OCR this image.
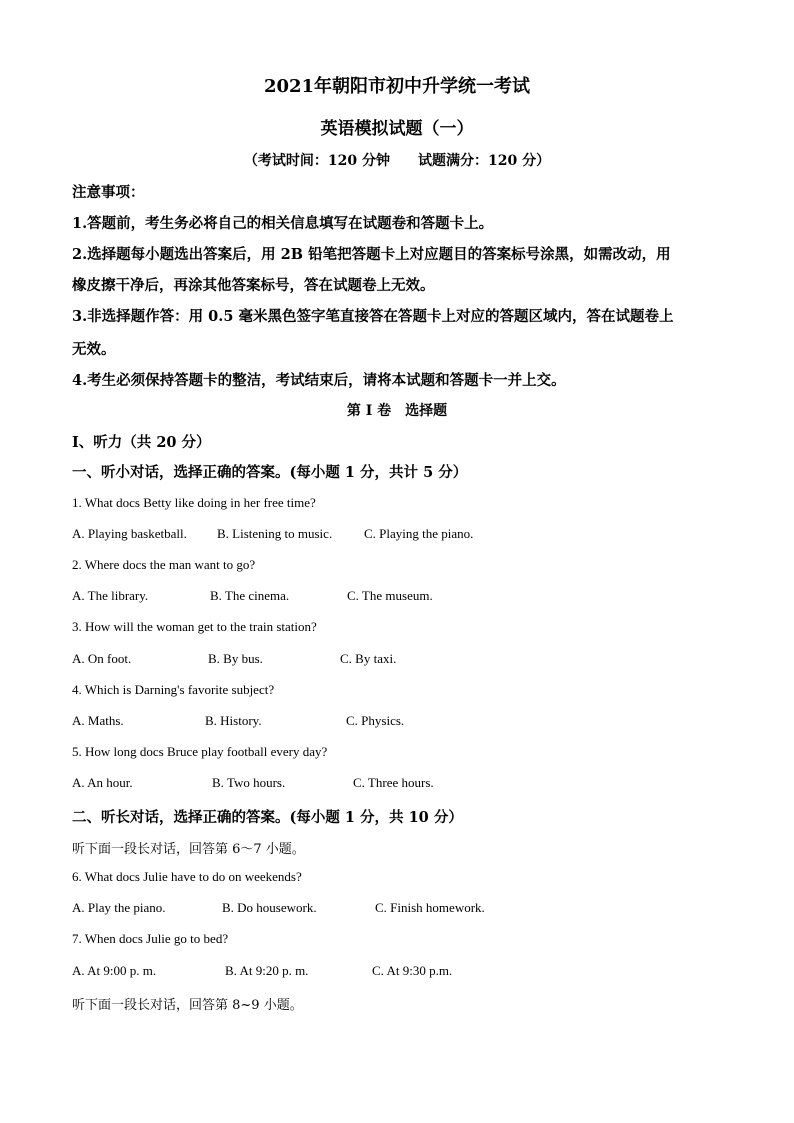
2021年朝阳市初中升学统一考试
英语模拟试题（一）
（考试时间：120 分钟　　试题满分：120 分）
注意事项：
1.答题前，考生务必将自己的相关信息填写在试题卷和答题卡上。
2.选择题每小题选出答案后，用 2B 铅笔把答题卡上对应题目的答案标号涂黑，如需改动，用
橡皮擦干净后，再涂其他答案标号，答在试题卷上无效。
3.非选择题作答：用 0.5 毫米黑色签字笔直接答在答题卡上对应的答题区域内，答在试题卷上
无效。
4.考生必须保持答题卡的整洁，考试结束后，请将本试题和答题卡一并上交。
第 I 卷　选择题
Ⅰ、听力（共 20 分）
一、听小对话，选择正确的答案。(每小题 1 分，共计 5 分）
1. What docs Betty like doing in her free time?
A. Playing basketball. B. Listening to music. C. Playing the piano.
2. Where docs the man want to go?
A. The library.	B. The cinema.	C. The museum.
3. How will the woman get to the train station?
A. On foot.	B. By bus.	C. By taxi.
4. Which is Darning's favorite subject?
A. Maths.	B. History.	C. Physics.
5. How long docs Bruce play football every day?
A. An hour.	B. Two hours.	C. Three hours.
二、听长对话，选择正确的答案。(每小题 1 分，共 10 分）
听下面一段长对话，回答第 6～7 小题。
6. What docs Julie have to do on weekends?
A. Play the piano.	B. Do housework.	C. Finish homework.
7. When docs Julie go to bed?
A. At 9:00 p. m.	B. At 9:20 p. m.	C. At 9:30 p.m.
听下面一段长对话，回答第 8~9 小题。
